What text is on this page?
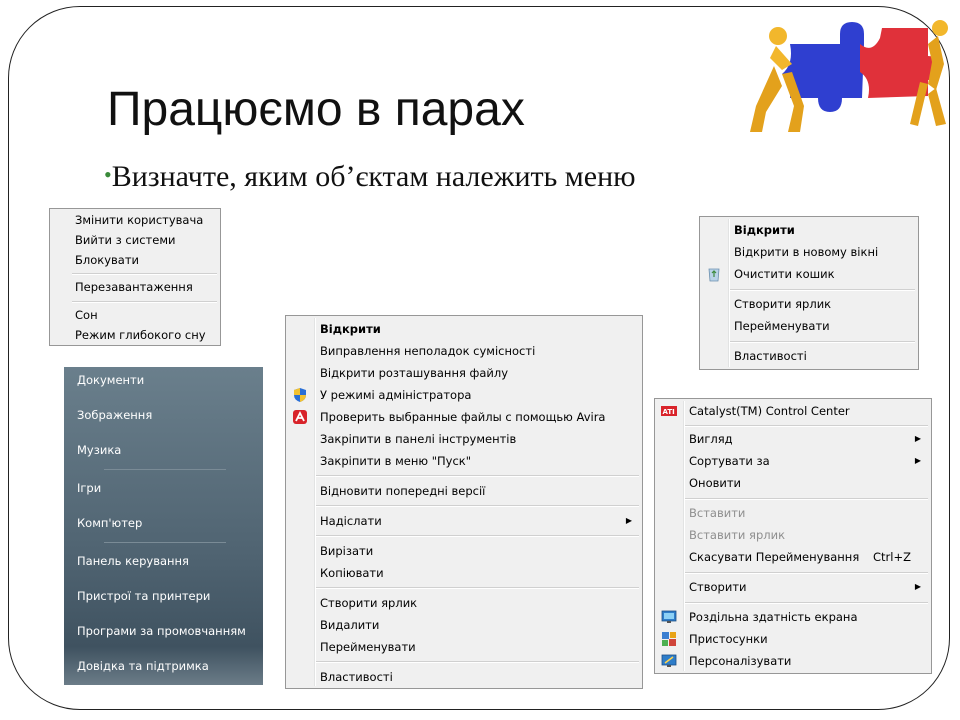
Працюємо в парах
•Визначте, яким об’єктам належить меню
Змінити користувача
Вийти з системи
Блокувати
Перезавантаження
Сон
Режим глибокого сну
Документи
Зображення
Музика
Ігри
Комп'ютер
Панель керування
Пристрої та принтери
Програми за промовчанням
Довідка та підтримка
Відкрити
Виправлення неполадок сумісності
Відкрити розташування файлу
У режимі адміністратора
Проверить выбранные файлы с помощью Avira
Закріпити в панелі інструментів
Закріпити в меню "Пуск"
Відновити попередні версії
Надіслати	▶
Вирізати
Копіювати
Створити ярлик
Видалити
Перейменувати
Властивості
Відкрити
Відкрити в новому вікні
Очистити кошик
Створити ярлик
Перейменувати
Властивості
ATI Catalyst(TM) Control Center
Вигляд	▶
Сортувати за	▶
Оновити
Вставити
Вставити ярлик
Скасувати Перейменування Ctrl+Z
Створити	▶
Роздільна здатність екрана
Пристосунки
Персоналізувати
